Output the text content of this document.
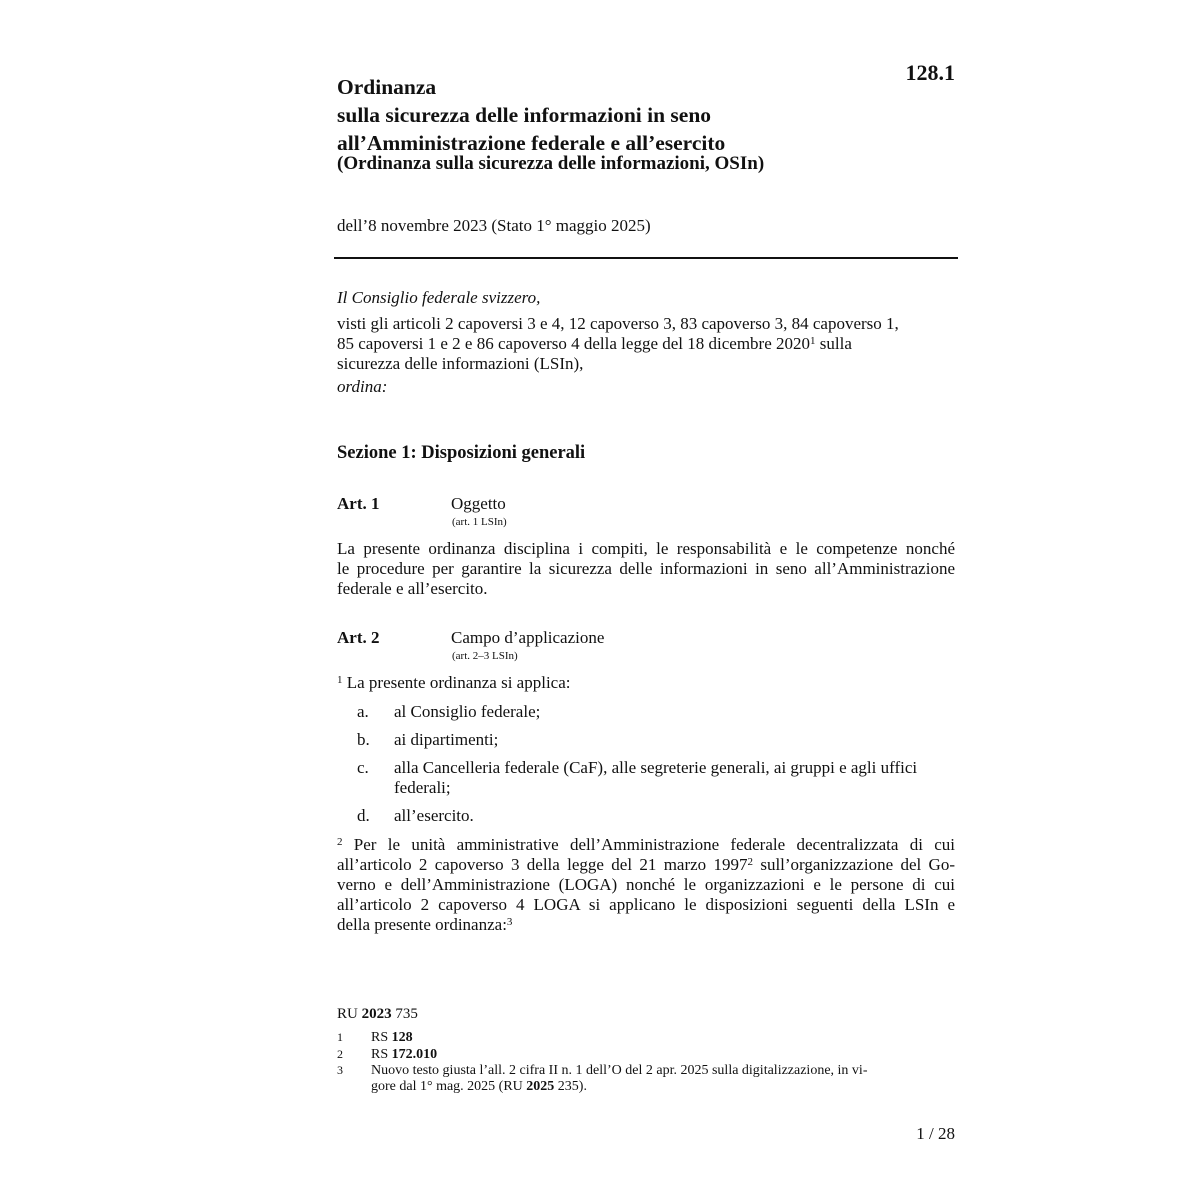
128.1
Ordinanza
sulla sicurezza delle informazioni in seno
all’Amministrazione federale e all’esercito
(Ordinanza sulla sicurezza delle informazioni, OSIn)
dell’8 novembre 2023 (Stato 1° maggio 2025)
Il Consiglio federale svizzero,
visti gli articoli 2 capoversi 3 e 4, 12 capoverso 3, 83 capoverso 3, 84 capoverso 1,
85 capoversi 1 e 2 e 86 capoverso 4 della legge del 18 dicembre 2020$^1$ sulla
sicurezza delle informazioni (LSIn),
ordina:
Sezione 1: Disposizioni generali
Art. 1	Oggetto
(art. 1 LSIn)
La presente ordinanza disciplina i compiti, le responsabilità e le competenze nonché
le procedure per garantire la sicurezza delle informazioni in seno all’Amministrazione
federale e all’esercito.
Art. 2	Campo d’applicazione
(art. 2–3 LSIn)
$^1$ La presente ordinanza si applica:
a. al Consiglio federale;
b. ai dipartimenti;
c. alla Cancelleria federale (CaF), alle segreterie generali, ai gruppi e agli uffici
federali;
d. all’esercito.
$^2$ Per le unità amministrative dell’Amministrazione federale decentralizzata di cui
all’articolo 2 capoverso 3 della legge del 21 marzo 1997$^2$ sull’organizzazione del Go-
verno e dell’Amministrazione (LOGA) nonché le organizzazioni e le persone di cui
all’articolo 2 capoverso 4 LOGA si applicano le disposizioni seguenti della LSIn e
della presente ordinanza:$^3$
RU 2023 735
1 RS 128
2 RS 172.010
3 Nuovo testo giusta l’all. 2 cifra II n. 1 dell’O del 2 apr. 2025 sulla digitalizzazione, in vi-
gore dal 1° mag. 2025 (RU 2025 235).
1 / 28
